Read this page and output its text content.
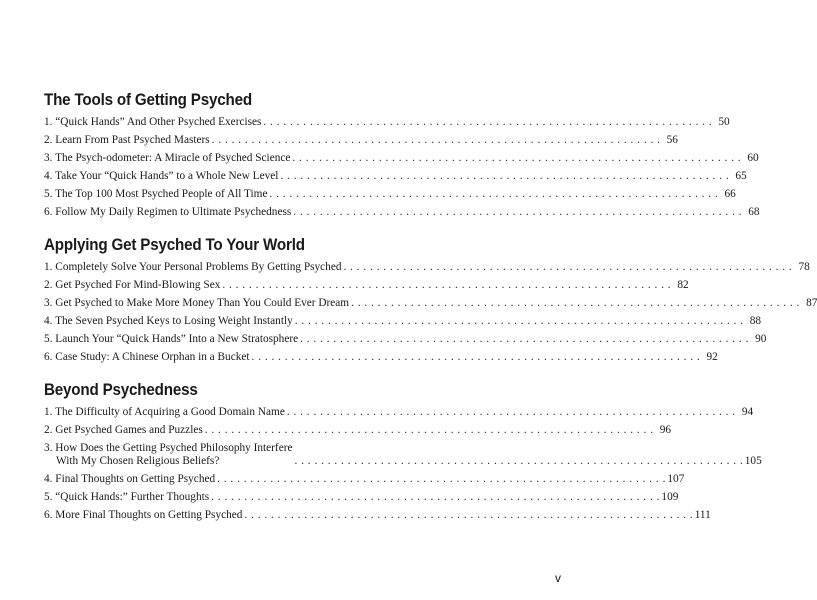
The Tools of Getting Psyched
1. “Quick Hands” And Other Psyched Exercises . . .	50
2. Learn From Past Psyched Masters . . .	56
3. The Psych-odometer: A Miracle of Psyched Science . . .	60
4. Take Your “Quick Hands” to a Whole New Level . . .	65
5. The Top 100 Most Psyched People of All Time . . .	66
6. Follow My Daily Regimen to Ultimate Psychedness . . .	68
Applying Get Psyched To Your World
1. Completely Solve Your Personal Problems By Getting Psyched . . .	78
2. Get Psyched For Mind-Blowing Sex . . .	82
3. Get Psyched to Make More Money Than You Could Ever Dream . . .	87
4. The Seven Psyched Keys to Losing Weight Instantly . . .	88
5. Launch Your “Quick Hands” Into a New Stratosphere . . .	90
6. Case Study: A Chinese Orphan in a Bucket . . .	92
Beyond Psychedness
1. The Difficulty of Acquiring a Good Domain Name . . .	94
2. Get Psyched Games and Puzzles . . .	96
3. How Does the Getting Psyched Philosophy Interfere
With My Chosen Religious Beliefs? . . .	105
4. Final Thoughts on Getting Psyched . . .	107
5. “Quick Hands:” Further Thoughts . . .	109
6. More Final Thoughts on Getting Psyched . . .	111
v
